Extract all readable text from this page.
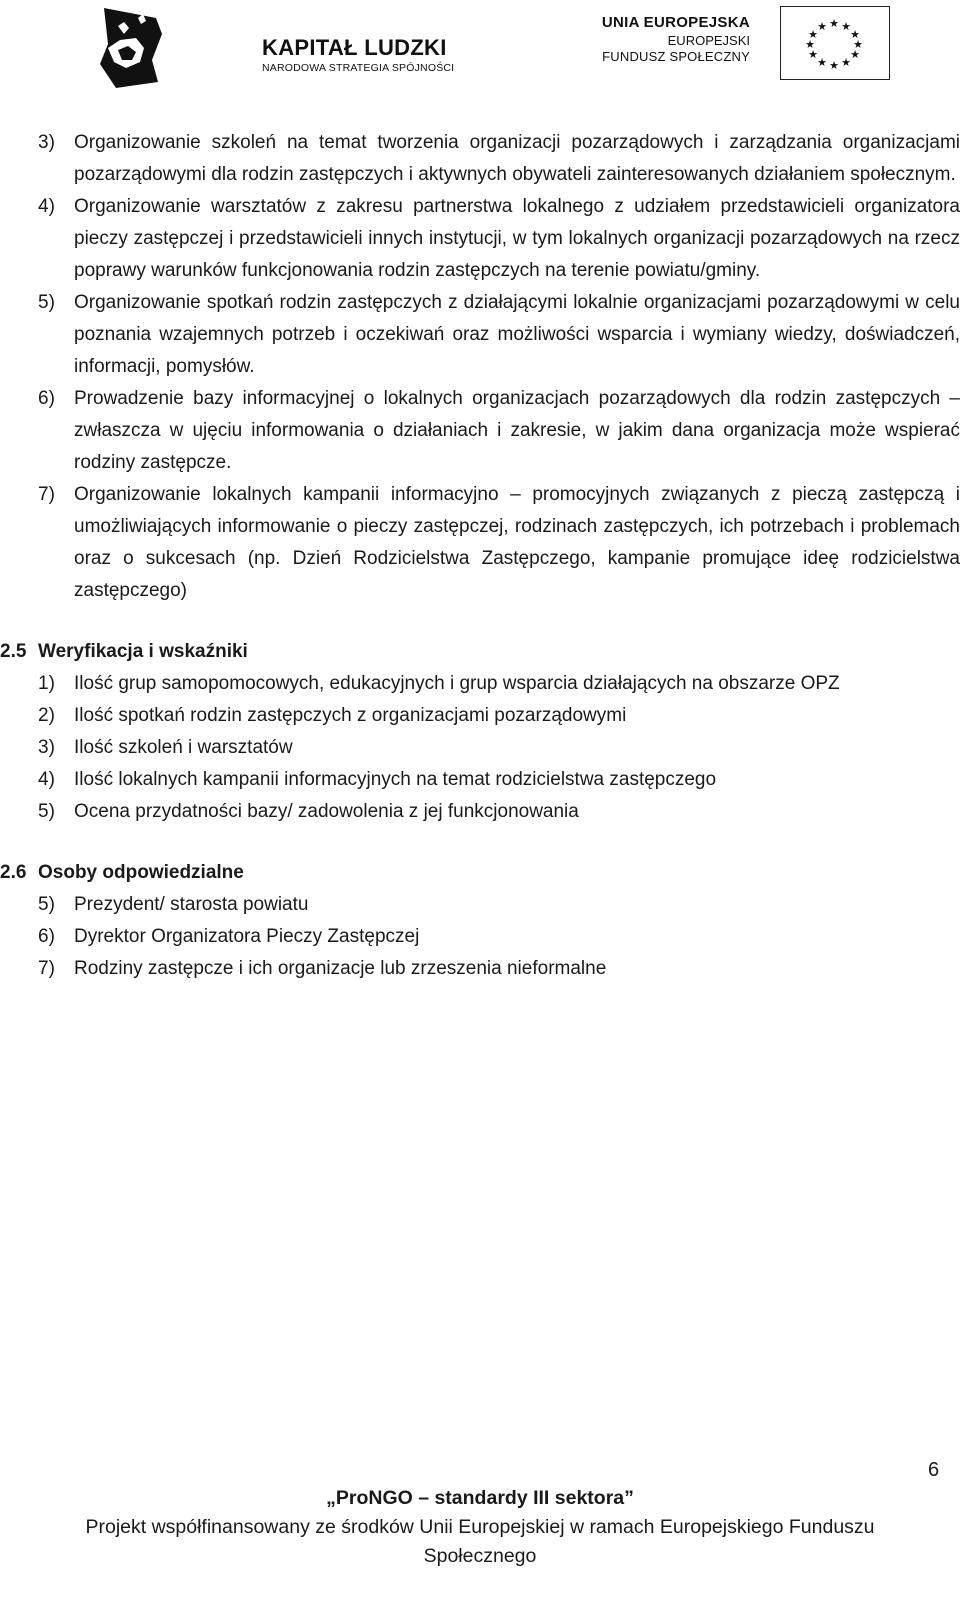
KAPITAŁ LUDZKI
NARODOWA STRATEGIA SPÓJNOŚCI
UNIA EUROPEJSKA
EUROPEJSKI
FUNDUSZ SPOŁECZNY
★ ★
★
★
★
★
★
★
★
★
★
★
3)	Organizowanie szkoleń na temat tworzenia organizacji pozarządowych i zarządzania organizacjami pozarządowymi dla rodzin zastępczych i aktywnych obywateli zainteresowanych działaniem społecznym.
4)	Organizowanie warsztatów z zakresu partnerstwa lokalnego z udziałem przedstawicieli organizatora pieczy zastępczej i przedstawicieli innych instytucji, w tym lokalnych organizacji pozarządowych na rzecz poprawy warunków funkcjonowania rodzin zastępczych na terenie powiatu/gminy.
5)	Organizowanie spotkań rodzin zastępczych z działającymi lokalnie organizacjami pozarządowymi w celu poznania wzajemnych potrzeb i oczekiwań oraz możliwości wsparcia i wymiany wiedzy, doświadczeń, informacji, pomysłów.
6)	Prowadzenie bazy informacyjnej o lokalnych organizacjach pozarządowych dla rodzin zastępczych – zwłaszcza w ujęciu informowania o działaniach i zakresie, w jakim dana organizacja może wspierać rodziny zastępcze.
7)	Organizowanie lokalnych kampanii informacyjno – promocyjnych związanych z pieczą zastępczą i umożliwiających informowanie o pieczy zastępczej, rodzinach zastępczych, ich potrzebach i problemach oraz o sukcesach (np. Dzień Rodzicielstwa Zastępczego, kampanie promujące ideę rodzicielstwa zastępczego)
2.5 Weryfikacja i wskaźniki
1)	Ilość grup samopomocowych, edukacyjnych i grup wsparcia działających na obszarze OPZ
2)	Ilość spotkań rodzin zastępczych z organizacjami pozarządowymi
3)	Ilość szkoleń i warsztatów
4)	Ilość lokalnych kampanii informacyjnych na temat rodzicielstwa zastępczego
5)	Ocena przydatności bazy/ zadowolenia z jej funkcjonowania
2.6 Osoby odpowiedzialne
5)	Prezydent/ starosta powiatu
6)	Dyrektor Organizatora Pieczy Zastępczej
7)	Rodziny zastępcze i ich organizacje lub zrzeszenia nieformalne
6
„ProNGO – standardy III sektora”
Projekt współfinansowany ze środków Unii Europejskiej w ramach Europejskiego Funduszu
Społecznego
